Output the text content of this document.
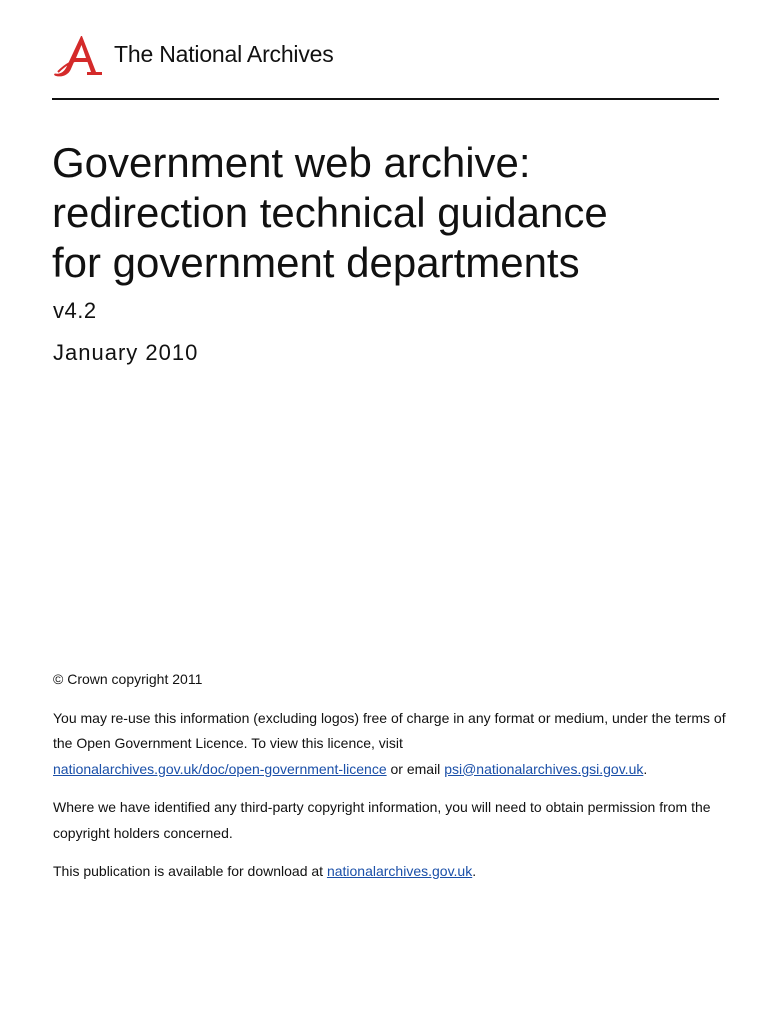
The National Archives
Government web archive:
redirection technical guidance
for government departments
v4.2
January 2010

© Crown copyright 2011

You may re-use this information (excluding logos) free of charge in any format or medium, under the terms of the Open Government Licence. To view this licence, visit
nationalarchives.gov.uk/doc/open-government-licence or email psi@nationalarchives.gsi.gov.uk.

Where we have identified any third-party copyright information, you will need to obtain permission from the copyright holders concerned.

This publication is available for download at nationalarchives.gov.uk.
